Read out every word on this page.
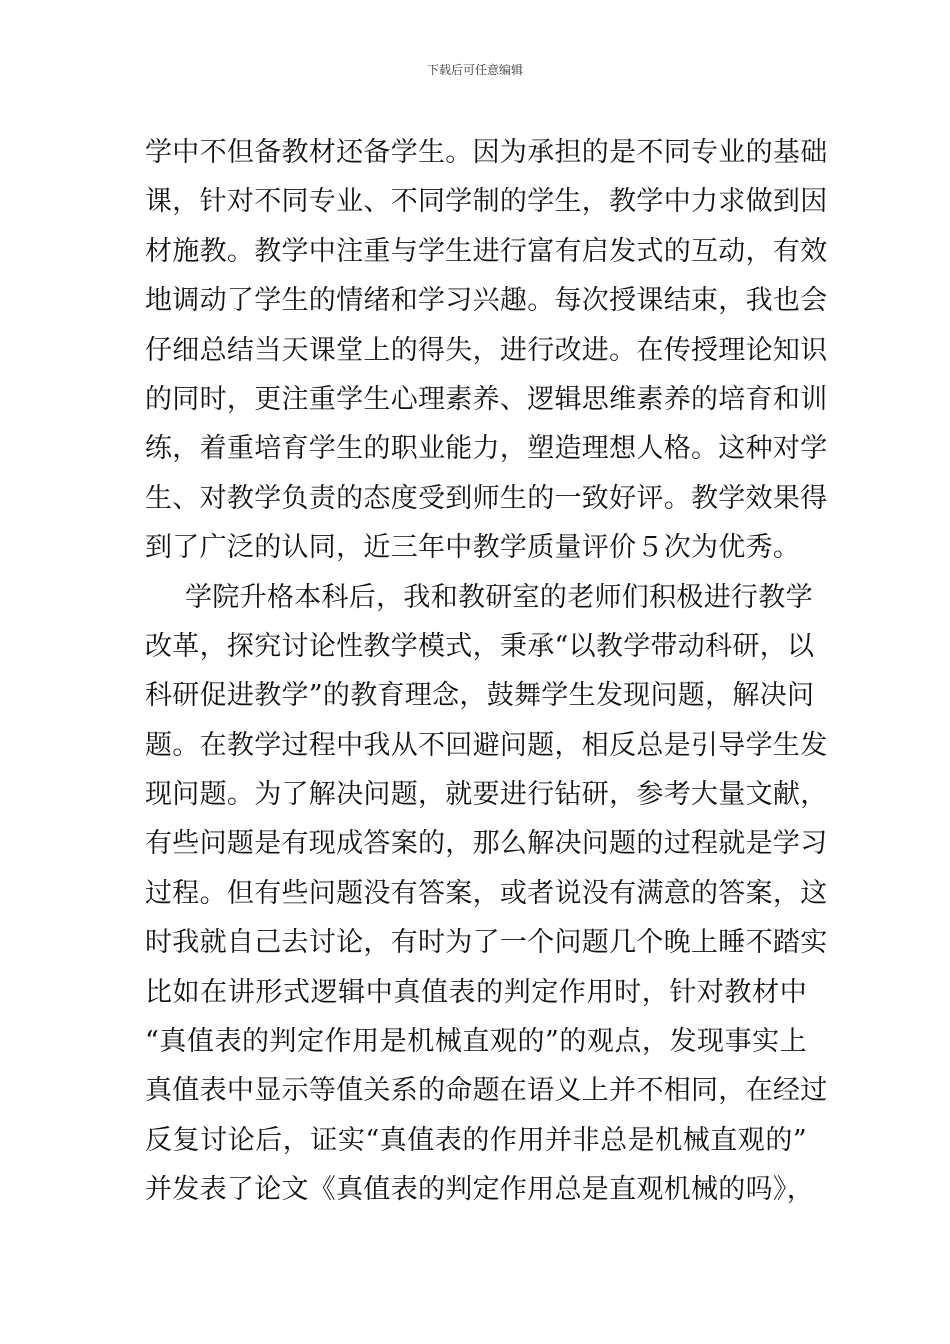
下载后可任意编辑
学中不但备教材还备学生。因为承担的是不同专业的基础
课，针对不同专业、不同学制的学生，教学中力求做到因
材施教。教学中注重与学生进行富有启发式的互动，有效
地调动了学生的情绪和学习兴趣。每次授课结束，我也会
仔细总结当天课堂上的得失，进行改进。在传授理论知识
的同时，更注重学生心理素养、逻辑思维素养的培育和训
练，着重培育学生的职业能力，塑造理想人格。这种对学
生、对教学负责的态度受到师生的一致好评。教学效果得
到了广泛的认同，近三年中教学质量评价５次为优秀。
学院升格本科后，我和教研室的老师们积极进行教学
改革，探究讨论性教学模式，秉承“以教学带动科研，以
科研促进教学”的教育理念，鼓舞学生发现问题，解决问
题。在教学过程中我从不回避问题，相反总是引导学生发
现问题。为了解决问题，就要进行钻研，参考大量文献，
有些问题是有现成答案的，那么解决问题的过程就是学习
过程。但有些问题没有答案，或者说没有满意的答案，这
时我就自己去讨论，有时为了一个问题几个晚上睡不踏实
比如在讲形式逻辑中真值表的判定作用时，针对教材中
“真值表的判定作用是机械直观的”的观点，发现事实上
真值表中显示等值关系的命题在语义上并不相同，在经过
反复讨论后，证实“真值表的作用并非总是机械直观的”
并发表了论文《真值表的判定作用总是直观机械的吗》，
